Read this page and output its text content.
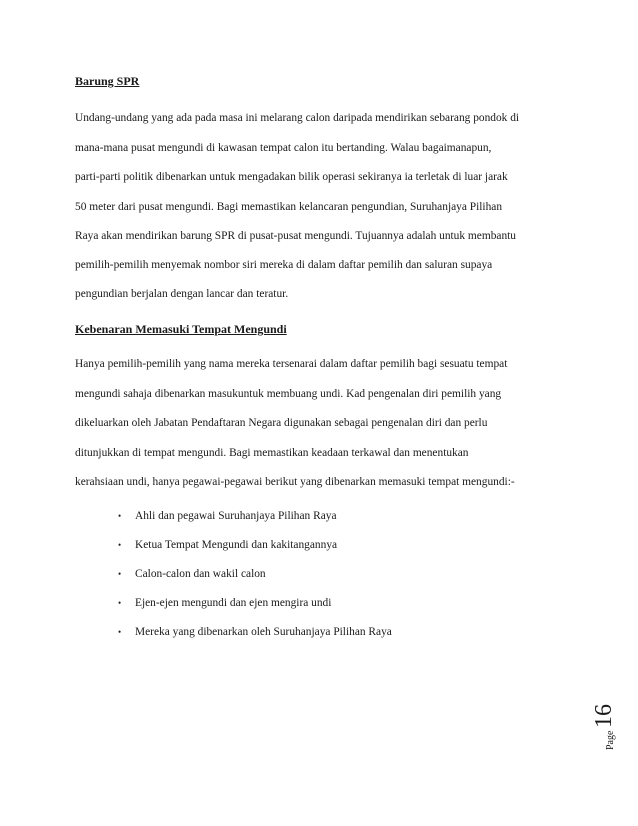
Barung SPR

Undang-undang yang ada pada masa ini melarang calon daripada mendirikan sebarang pondok di

mana-mana pusat mengundi di kawasan tempat calon itu bertanding. Walau bagaimanapun,

parti-parti politik dibenarkan untuk mengadakan bilik operasi sekiranya ia terletak di luar jarak

50 meter dari pusat mengundi. Bagi memastikan kelancaran pengundian, Suruhanjaya Pilihan

Raya akan mendirikan barung SPR di pusat-pusat mengundi. Tujuannya adalah untuk membantu

pemilih-pemilih menyemak nombor siri mereka di dalam daftar pemilih dan saluran supaya

pengundian berjalan dengan lancar dan teratur.

Kebenaran Memasuki Tempat Mengundi

Hanya pemilih-pemilih yang nama mereka tersenarai dalam daftar pemilih bagi sesuatu tempat

mengundi sahaja dibenarkan masukuntuk membuang undi. Kad pengenalan diri pemilih yang

dikeluarkan oleh Jabatan Pendaftaran Negara digunakan sebagai pengenalan diri dan perlu

ditunjukkan di tempat mengundi. Bagi memastikan keadaan terkawal dan menentukan

kerahsiaan undi, hanya pegawai-pegawai berikut yang dibenarkan memasuki tempat mengundi:-

• Ahli dan pegawai Suruhanjaya Pilihan Raya
• Ketua Tempat Mengundi dan kakitangannya
• Calon-calon dan wakil calon
• Ejen-ejen mengundi dan ejen mengira undi
• Mereka yang dibenarkan oleh Suruhanjaya Pilihan Raya
Page
16
